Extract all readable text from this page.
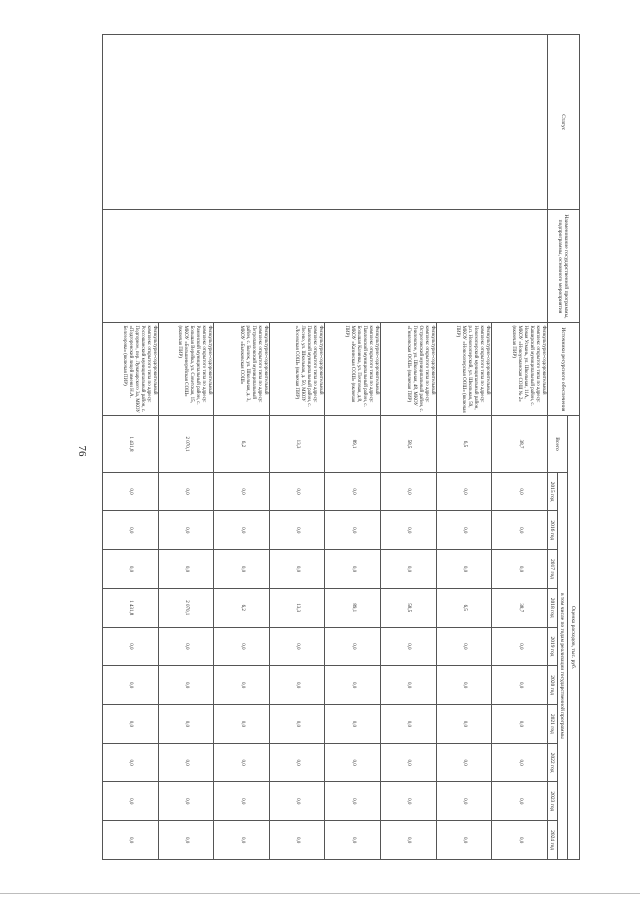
76
Статус	Наименование государственной программы, подпрограммы, основного мероприятия	Источники ресурсного обеспечения	Оценка расходов, тыс. руб.										
			Всего	в том числе по годам реализации государственной программы									
				2015 год	2016 год	2017 год	2018 год	2019 год	2020 год	2021 год	2022 год	2023 год	2024 год
		Физкультурно-оздоровительный комплекс открытого типа по адресу: Каширский муниципальный район, с. Новая Усмань, ул. Школьная, 11А, МКОУ «Новоусманская СОШ № 2» (включая ПИР)	38,7	0,0	0,0	0,0	38,7	0,0	0,0	0,0	0,0	0,0	0,0
		Физкультурно-оздоровительный комплекс открытого типа по адресу: Новохоперский муниципальный район, р.п. Новохоперский, ул. Школьная, 59, МКОУ «Новохоперская ООШ» (включая ПИР)	6,5	0,0	0,0	0,0	6,5	0,0	0,0	0,0	0,0	0,0	0,0
		Физкультурно-оздоровительный комплекс открытого типа по адресу: Острогожский муниципальный район, с. Гниловское, ул. Школьная, 48, МКОУ «Гниловская ООШ» (включая ПИР)	58,5	0,0	0,0	0,0	58,5	0,0	0,0	0,0	0,0	0,0	0,0
		Физкультурно-оздоровительный комплекс открытого типа по адресу: Павловский муниципальный район, с. Большая Казинка, ул. Почтовая, д.8, МКОУ «Казинская СОШ» (включая ПИР)	89,1	0,0	0,0	0,0	89,1	0,0	0,0	0,0	0,0	0,0	0,0
		Физкультурно-оздоровительный комплекс открытого типа по адресу: Павловский муниципальный район, с. Лосево, ул. Школьная, д. 50, МКОУ «Лосевская СОШ» (включая ПИР)	13,3	0,0	0,0	0,0	13,3	0,0	0,0	0,0	0,0	0,0	0,0
		Физкультурно-оздоровительный комплекс открытого типа по адресу: Петропавловский муниципальный район, с. Бычок, ул. Школьная, д. 3, МКОУ «Бычковская СОШ»	6,2	0,0	0,0	0,0	6,2	0,0	0,0	0,0	0,0	0,0	0,0
		Физкультурно-оздоровительный комплекс открытого типа по адресу: Рамонский муниципальный район, с. Большая Верейка, ул. Советская, 15, МКОУ «Большеверейская СОШ» (включая ПИР)	2 070,1	0,0	0,0	0,0	2 070,1	0,0	0,0	0,0	0,0	0,0	0,0
		Физкультурно-оздоровительный комплекс открытого типа по адресу: Россошанский муниципальный район, с. Подгорное, пер. Луначарского 3а, МКОУ «Подгоренский лицей имени Н.А. Белозорова» (включая ПИР)	1 431,8	0,0	0,0	0,0	1 431,8	0,0	0,0	0,0	0,0	0,0	0,0
